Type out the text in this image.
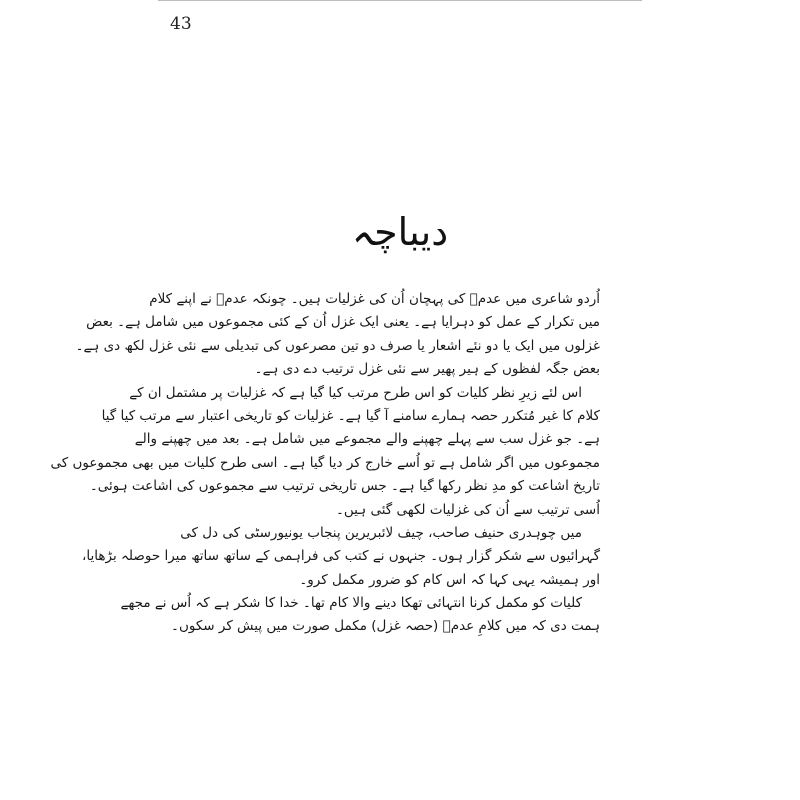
43
دیباچہ
اُردو شاعری میں عدمؔ کی پہچان اُن کی غزلیات ہیں۔ چونکہ عدمؔ نے اپنے کلام
میں تکرار کے عمل کو دہرایا ہے۔ یعنی ایک غزل اُن کے کئی مجموعوں میں شامل ہے۔ بعض
غزلوں میں ایک یا دو نئے اشعار یا صرف دو تین مصرعوں کی تبدیلی سے نئی غزل لکھ دی ہے۔
بعض جگہ لفظوں کے ہیر پھیر سے نئی غزل ترتیب دے دی ہے۔
اس لئے زیرِ نظر کلیات کو اس طرح مرتب کیا گیا ہے کہ غزلیات پر مشتمل ان کے
کلام کا غیر مُتکرر حصہ ہمارے سامنے آ گیا ہے۔ غزلیات کو تاریخی اعتبار سے مرتب کیا گیا
ہے۔ جو غزل سب سے پہلے چھپنے والے مجموعے میں شامل ہے۔ بعد میں چھپنے والے
مجموعوں میں اگر شامل ہے تو اُسے خارج کر دیا گیا ہے۔ اسی طرح کلیات میں بھی مجموعوں کی
تاریخ اشاعت کو مدِ نظر رکھا گیا ہے۔ جس تاریخی ترتیب سے مجموعوں کی اشاعت ہوئی۔
اُسی ترتیب سے اُن کی غزلیات لکھی گئی ہیں۔
میں چوہدری حنیف صاحب، چیف لائبریرین پنجاب یونیورسٹی کی دل کی
گہرائیوں سے شکر گزار ہوں۔ جنہوں نے کتب کی فراہمی کے ساتھ ساتھ میرا حوصلہ بڑھایا،
اور ہمیشہ یہی کہا کہ اس کام کو ضرور مکمل کرو۔
کلیات کو مکمل کرنا انتہائی تھکا دینے والا کام تھا۔ خدا کا شکر ہے کہ اُس نے مجھے
ہمت دی کہ میں کلامِ عدمؔ (حصہ غزل) مکمل صورت میں پیش کر سکوں۔
